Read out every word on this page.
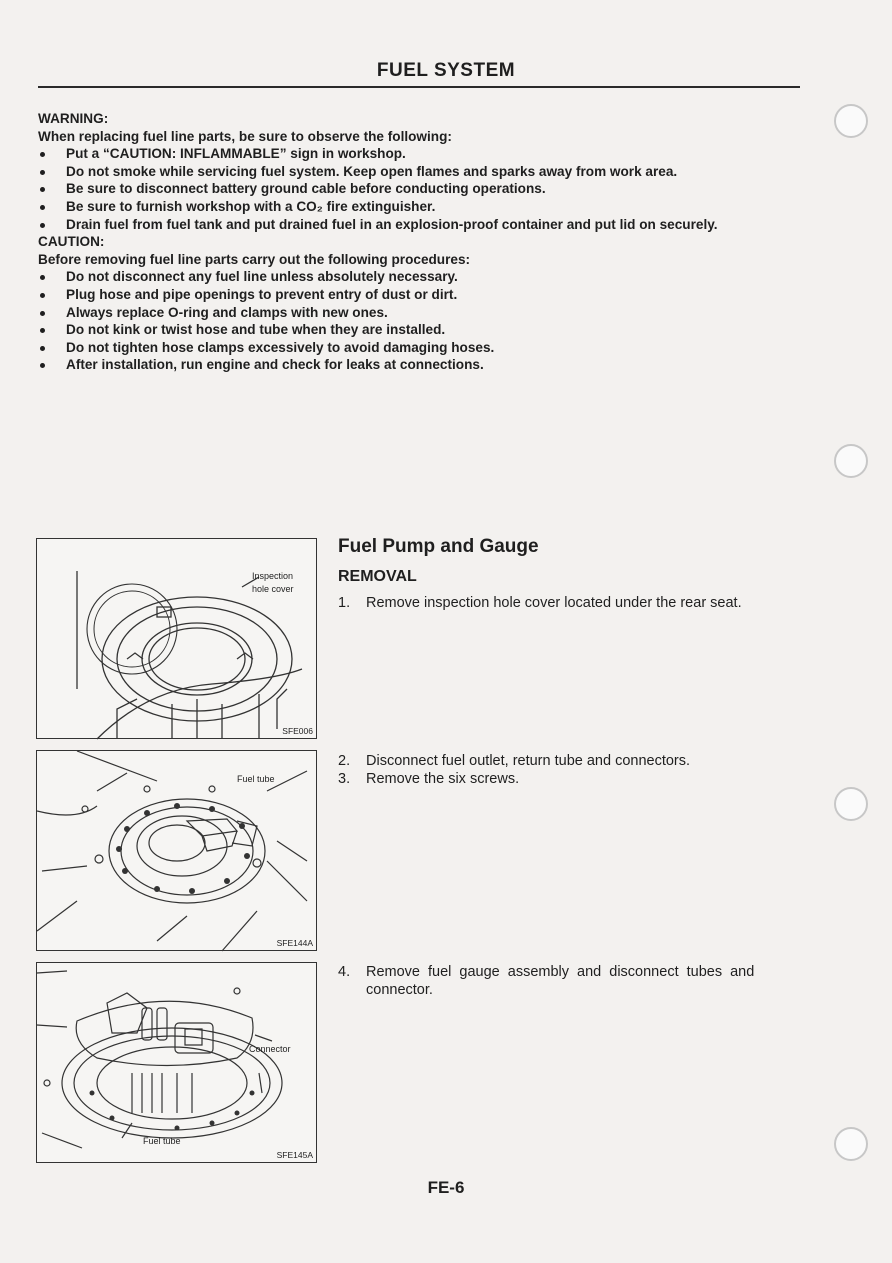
FUEL SYSTEM
WARNING:
When replacing fuel line parts, be sure to observe the following:
Put a “CAUTION: INFLAMMABLE” sign in workshop.
Do not smoke while servicing fuel system. Keep open flames and sparks away from work area.
Be sure to disconnect battery ground cable before conducting operations.
Be sure to furnish workshop with a CO₂ fire extinguisher.
Drain fuel from fuel tank and put drained fuel in an explosion-proof container and put lid on securely.
CAUTION:
Before removing fuel line parts carry out the following procedures:
Do not disconnect any fuel line unless absolutely necessary.
Plug hose and pipe openings to prevent entry of dust or dirt.
Always replace O-ring and clamps with new ones.
Do not kink or twist hose and tube when they are installed.
Do not tighten hose clamps excessively to avoid damaging hoses.
After installation, run engine and check for leaks at connections.
Inspection
hole cover
SFE006
Fuel tube
SFE144A
Connector
Fuel tube
SFE145A
Fuel Pump and Gauge
REMOVAL
1.	Remove inspection hole cover located under the rear seat.
2.	Disconnect fuel outlet, return tube and connectors.
3.	Remove the six screws.
4.	Remove fuel gauge assembly and disconnect tubes and
connector.
FE-6
